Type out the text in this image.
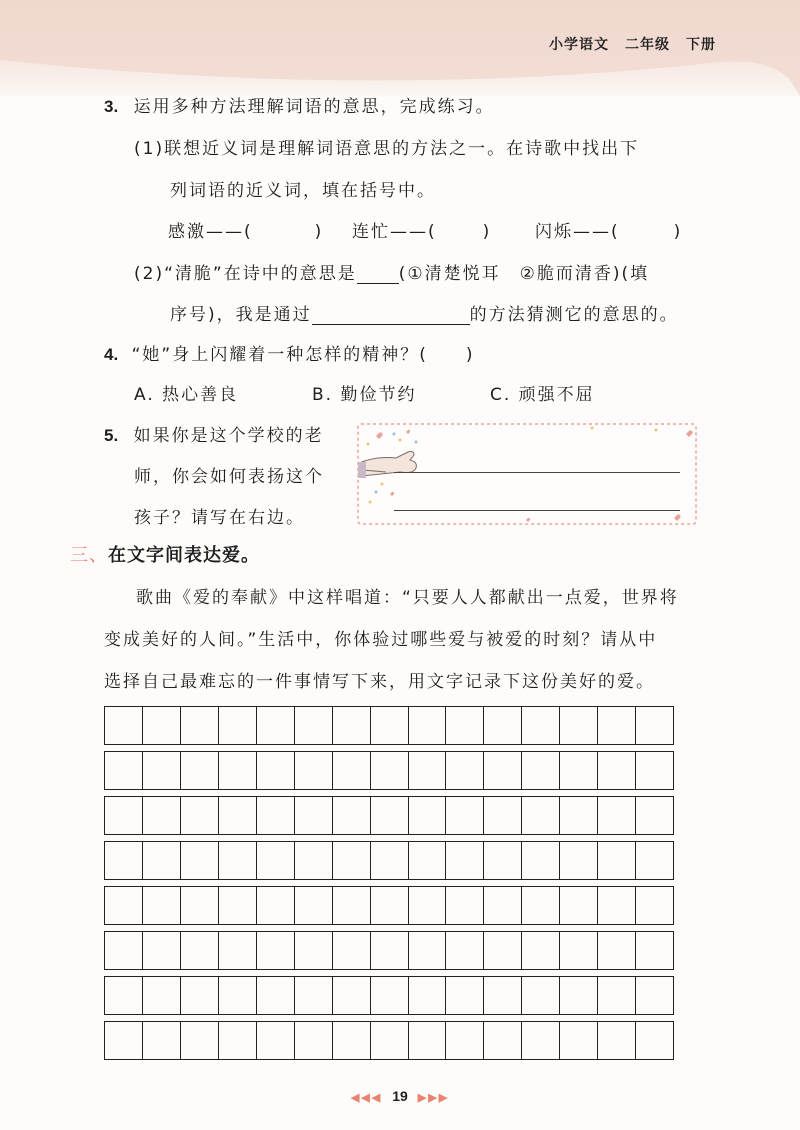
小学语文 二年级 下册
3. 运用多种方法理解词语的意思，完成练习。
(1)联想近义词是理解词语意思的方法之一。在诗歌中找出下
列词语的近义词，填在括号中。
感激——(	) 连忙——(	)	闪烁——(	)
(2)“清脆”在诗中的意思是 (①清楚悦耳　②脆而清香)(填
序号)，我是通过	的方法猜测它的意思的。
4. “她”身上闪耀着一种怎样的精神？(　　)
A. 热心善良	B. 勤俭节约	C. 顽强不屈
5. 如果你是这个学校的老
师，你会如何表扬这个
孩子？请写在右边。
三、在文字间表达爱。
歌曲《爱的奉献》中这样唱道：“只要人人都献出一点爱，世界将
变成美好的人间。”生活中，你体验过哪些爱与被爱的时刻？请从中
选择自己最难忘的一件事情写下来，用文字记录下这份美好的爱。
◀◀◀ 19 ▶▶▶
